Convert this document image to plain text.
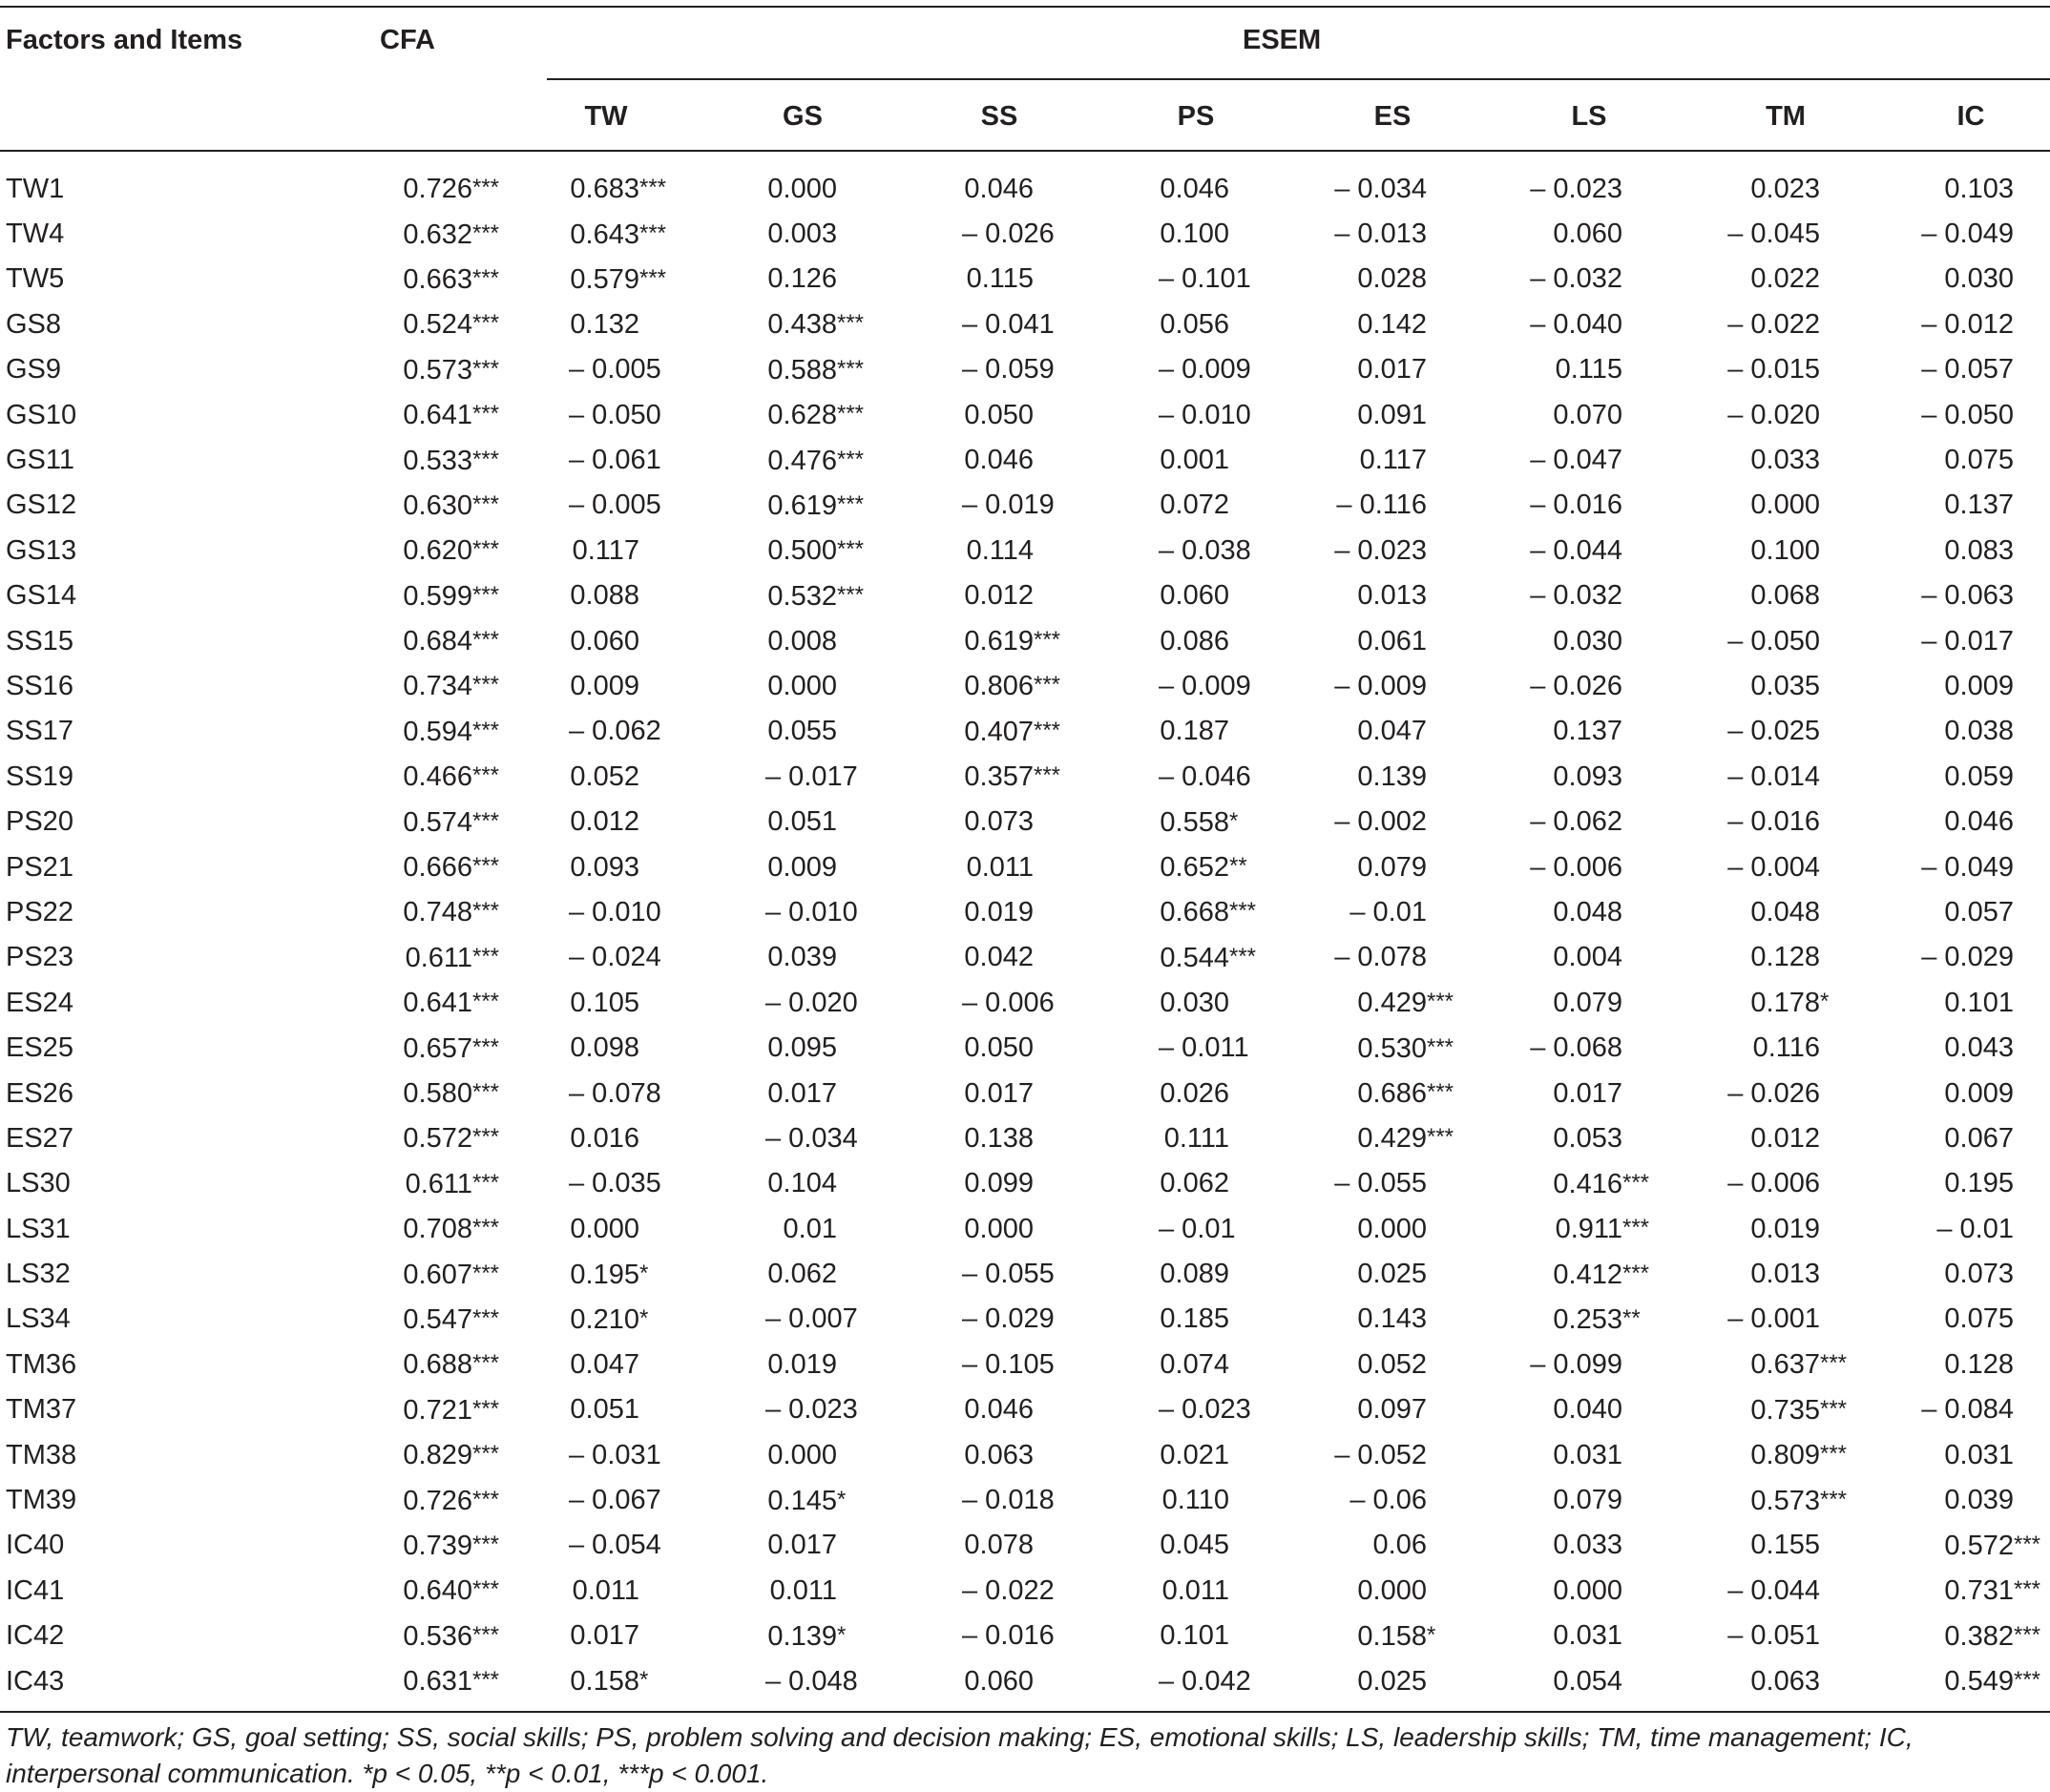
Factors and Items	CFA	ESEM
TW	GS	SS	PS	ES	LS	TM	IC
TW1	0.726***	0.683***	0.000	0.046	0.046	– 0.034	– 0.023	0.023	0.103
TW4	0.632***	0.643***	0.003	– 0.026	0.100	– 0.013	0.060	– 0.045	– 0.049
TW5	0.663***	0.579***	0.126	0.115	– 0.101	0.028	– 0.032	0.022	0.030
GS8	0.524***	0.132	0.438***	– 0.041	0.056	0.142	– 0.040	– 0.022	– 0.012
GS9	0.573***	– 0.005	0.588***	– 0.059	– 0.009	0.017	0.115	– 0.015	– 0.057
GS10	0.641***	– 0.050	0.628***	0.050	– 0.010	0.091	0.070	– 0.020	– 0.050
GS11	0.533***	– 0.061	0.476***	0.046	0.001	0.117	– 0.047	0.033	0.075
GS12	0.630***	– 0.005	0.619***	– 0.019	0.072	– 0.116	– 0.016	0.000	0.137
GS13	0.620***	0.117	0.500***	0.114	– 0.038	– 0.023	– 0.044	0.100	0.083
GS14	0.599***	0.088	0.532***	0.012	0.060	0.013	– 0.032	0.068	– 0.063
SS15	0.684***	0.060	0.008	0.619***	0.086	0.061	0.030	– 0.050	– 0.017
SS16	0.734***	0.009	0.000	0.806***	– 0.009	– 0.009	– 0.026	0.035	0.009
SS17	0.594***	– 0.062	0.055	0.407***	0.187	0.047	0.137	– 0.025	0.038
SS19	0.466***	0.052	– 0.017	0.357***	– 0.046	0.139	0.093	– 0.014	0.059
PS20	0.574***	0.012	0.051	0.073	0.558*	– 0.002	– 0.062	– 0.016	0.046
PS21	0.666***	0.093	0.009	0.011	0.652**	0.079	– 0.006	– 0.004	– 0.049
PS22	0.748***	– 0.010	– 0.010	0.019	0.668***	– 0.01	0.048	0.048	0.057
PS23	0.611***	– 0.024	0.039	0.042	0.544***	– 0.078	0.004	0.128	– 0.029
ES24	0.641***	0.105	– 0.020	– 0.006	0.030	0.429***	0.079	0.178*	0.101
ES25	0.657***	0.098	0.095	0.050	– 0.011	0.530***	– 0.068	0.116	0.043
ES26	0.580***	– 0.078	0.017	0.017	0.026	0.686***	0.017	– 0.026	0.009
ES27	0.572***	0.016	– 0.034	0.138	0.111	0.429***	0.053	0.012	0.067
LS30	0.611***	– 0.035	0.104	0.099	0.062	– 0.055	0.416***	– 0.006	0.195
LS31	0.708***	0.000	0.01	0.000	– 0.01	0.000	0.911***	0.019	– 0.01
LS32	0.607***	0.195*	0.062	– 0.055	0.089	0.025	0.412***	0.013	0.073
LS34	0.547***	0.210*	– 0.007	– 0.029	0.185	0.143	0.253**	– 0.001	0.075
TM36	0.688***	0.047	0.019	– 0.105	0.074	0.052	– 0.099	0.637***	0.128
TM37	0.721***	0.051	– 0.023	0.046	– 0.023	0.097	0.040	0.735***	– 0.084
TM38	0.829***	– 0.031	0.000	0.063	0.021	– 0.052	0.031	0.809***	0.031
TM39	0.726***	– 0.067	0.145*	– 0.018	0.110	– 0.06	0.079	0.573***	0.039
IC40	0.739***	– 0.054	0.017	0.078	0.045	0.06	0.033	0.155	0.572***
IC41	0.640***	0.011	0.011	– 0.022	0.011	0.000	0.000	– 0.044	0.731***
IC42	0.536***	0.017	0.139*	– 0.016	0.101	0.158*	0.031	– 0.051	0.382***
IC43	0.631***	0.158*	– 0.048	0.060	– 0.042	0.025	0.054	0.063	0.549***
TW, teamwork; GS, goal setting; SS, social skills; PS, problem solving and decision making; ES, emotional skills; LS, leadership skills; TM, time management; IC, interpersonal communication. *p < 0.05, **p < 0.01, ***p < 0.001.
